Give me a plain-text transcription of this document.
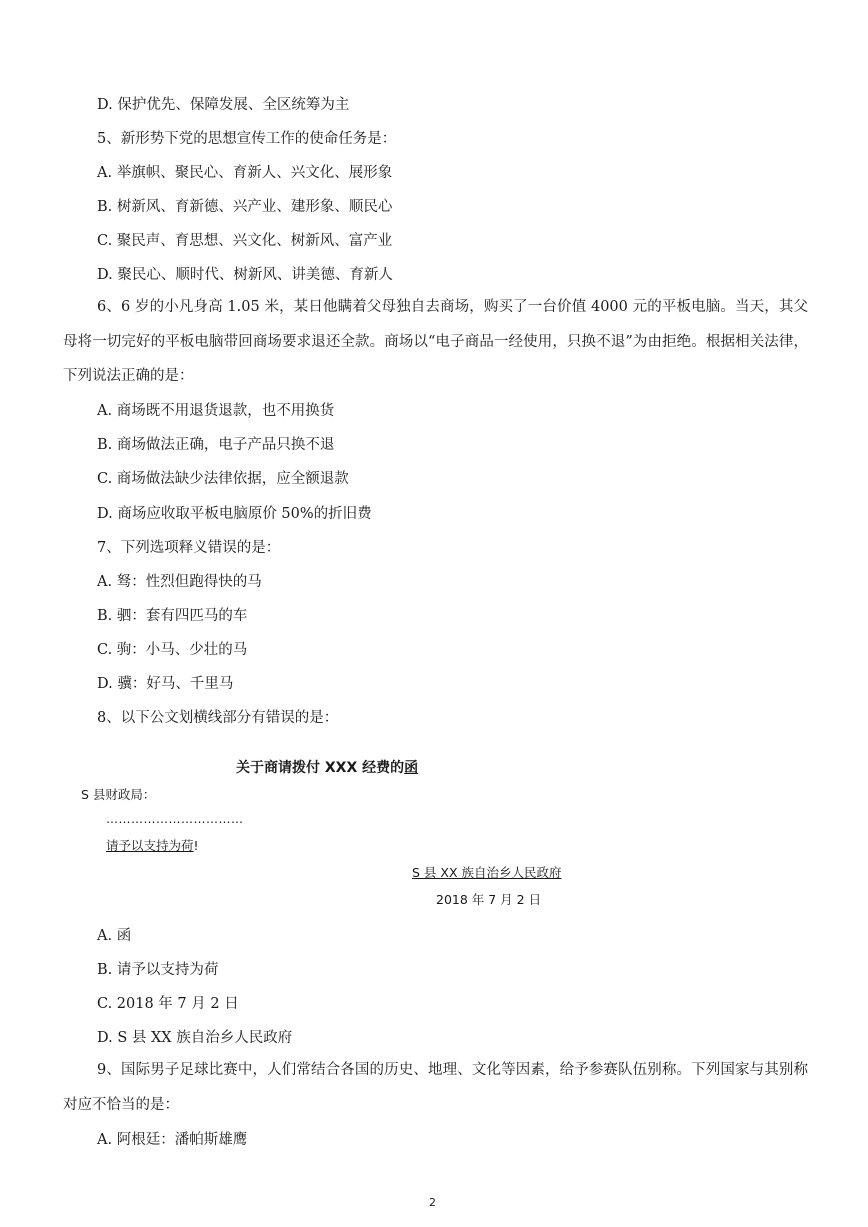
D. 保护优先、保障发展、全区统筹为主
5、新形势下党的思想宣传工作的使命任务是：
A. 举旗帜、聚民心、育新人、兴文化、展形象
B. 树新风、育新德、兴产业、建形象、顺民心
C. 聚民声、育思想、兴文化、树新风、富产业
D. 聚民心、顺时代、树新风、讲美德、育新人
6、6 岁的小凡身高 1.05 米，某日他瞒着父母独自去商场，购买了一台价值 4000 元的平板电脑。当天，其父母将一切完好的平板电脑带回商场要求退还全款。商场以“电子商品一经使用，只换不退”为由拒绝。根据相关法律，下列说法正确的是：
A. 商场既不用退货退款，也不用换货
B. 商场做法正确，电子产品只换不退
C. 商场做法缺少法律依据，应全额退款
D. 商场应收取平板电脑原价 50%的折旧费
7、下列选项释义错误的是：
A. 驽：性烈但跑得快的马
B. 驷：套有四匹马的车
C. 驹：小马、少壮的马
D. 骥：好马、千里马
8、以下公文划横线部分有错误的是：
关于商请拨付 XXX 经费的函
S 县财政局：
……………………………
请予以支持为荷!
S 县 XX 族自治乡人民政府
2018 年 7 月 2 日
A. 函
B. 请予以支持为荷
C. 2018 年 7 月 2 日
D. S 县 XX 族自治乡人民政府
9、国际男子足球比赛中，人们常结合各国的历史、地理、文化等因素，给予参赛队伍别称。下列国家与其别称对应不恰当的是：
A. 阿根廷：潘帕斯雄鹰
2
